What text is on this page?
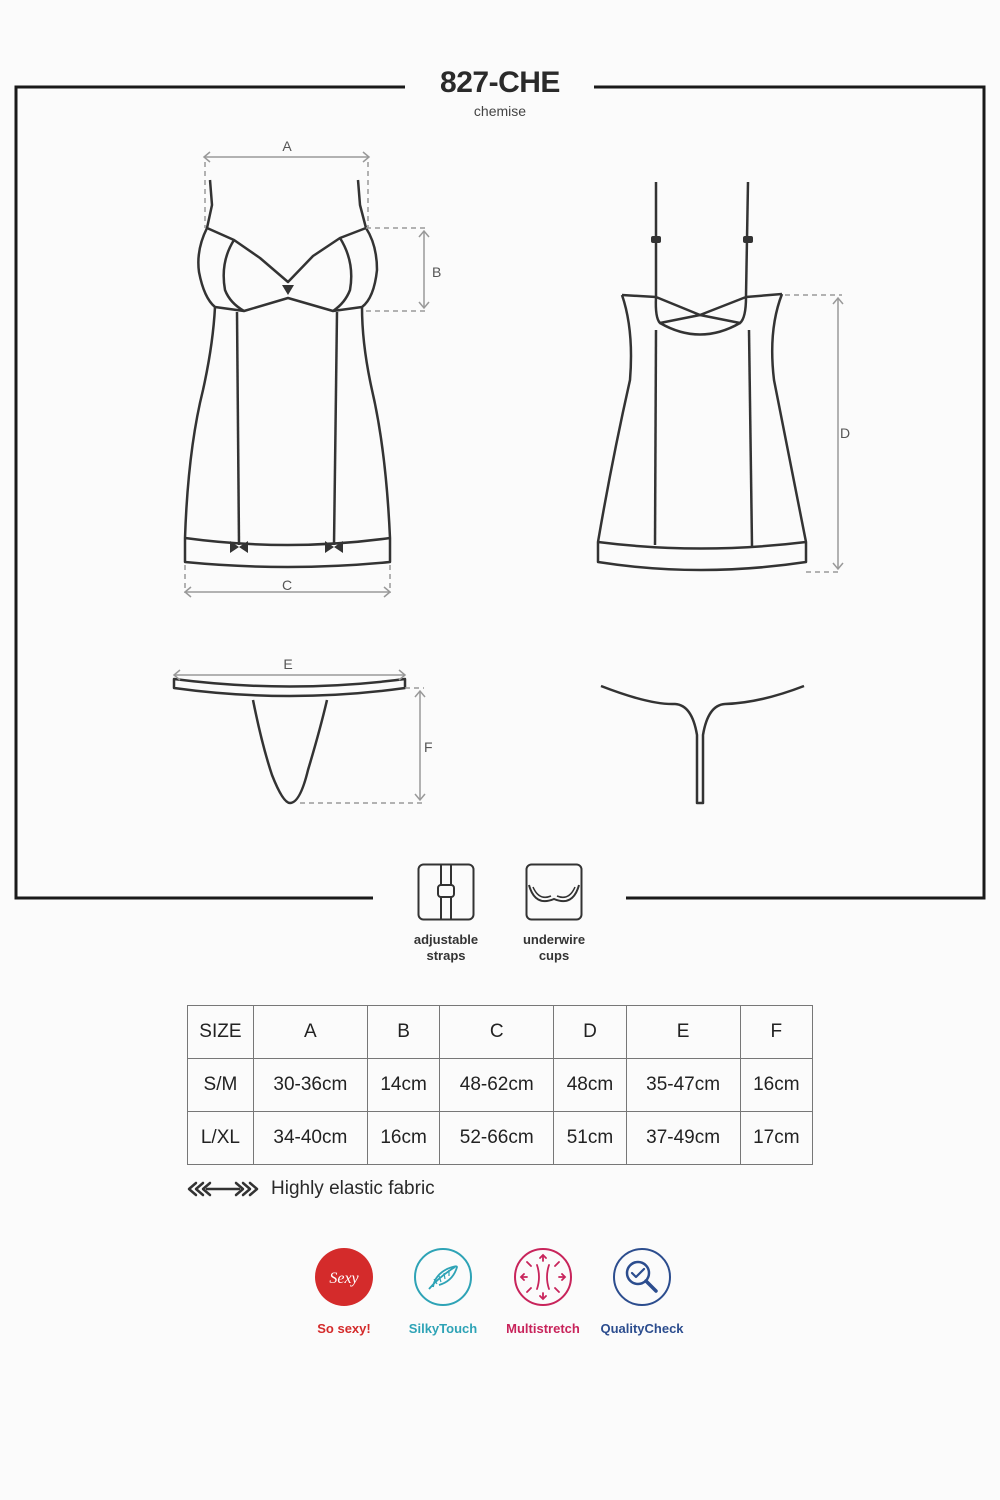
A
B
C
D
E
F
827-CHE
chemise
adjustable
straps
underwire
cups
SIZE	A	B	C	D	E	F
S/M	30-36cm	14cm	48-62cm	48cm	35-47cm	16cm
L/XL	34-40cm	16cm	52-66cm	51cm	37-49cm	17cm
Highly elastic fabric
Sexy
So sexy!	SilkyTouch	Multistretch	QualityCheck
